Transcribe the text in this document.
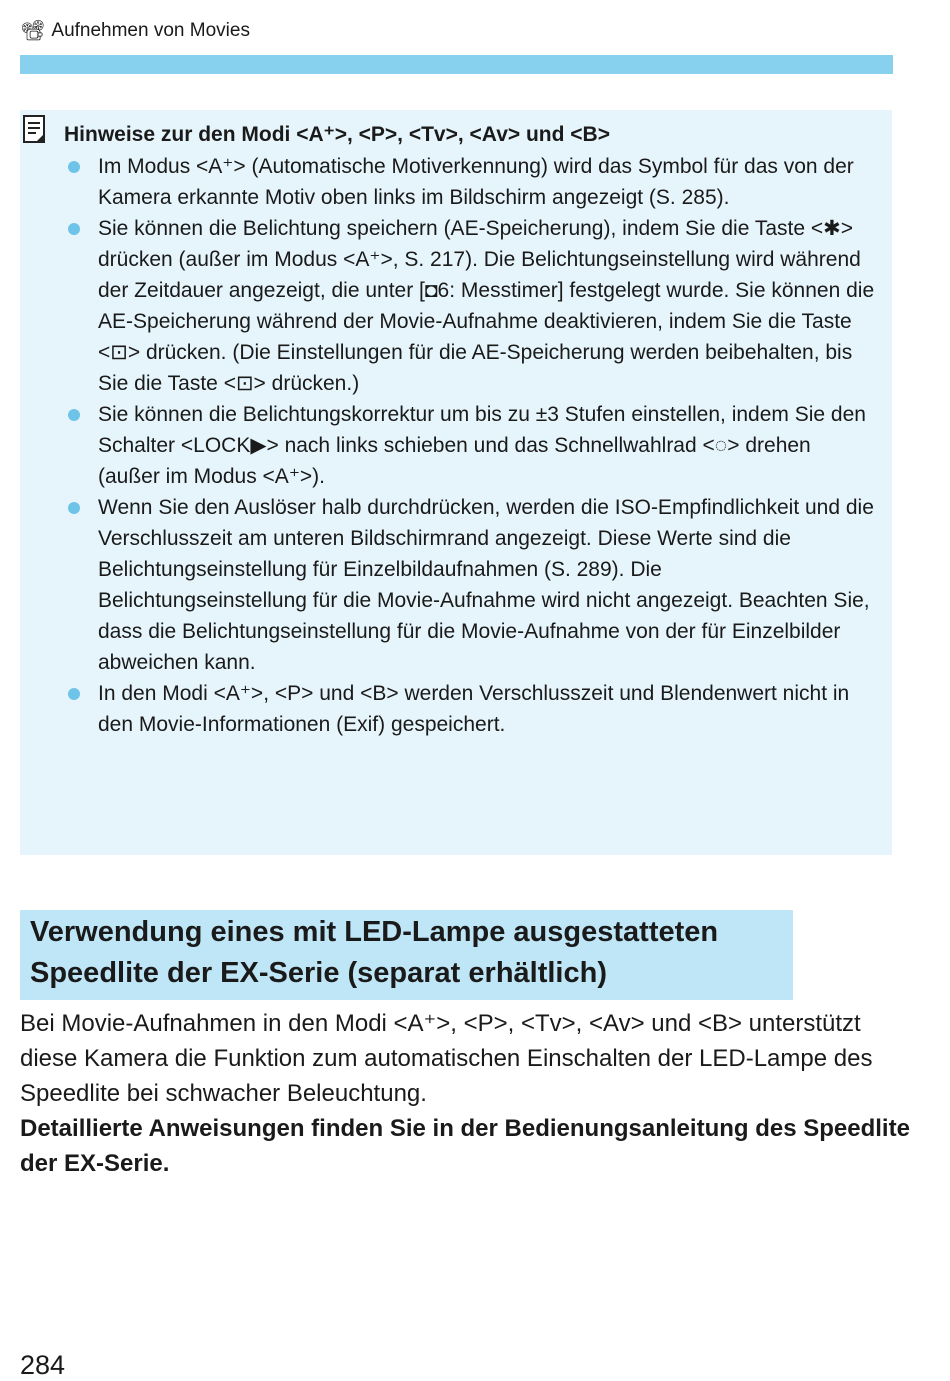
📽︎ Aufnehmen von Movies
Hinweise zur den Modi <A⁺>, <P>, <Tv>, <Av> und <B>
Im Modus <A⁺> (Automatische Motiverkennung) wird das Symbol für das von der Kamera erkannte Motiv oben links im Bildschirm angezeigt (S. 285).
Sie können die Belichtung speichern (AE-Speicherung), indem Sie die Taste <✱> drücken (außer im Modus <A⁺>, S. 217). Die Belichtungseinstellung wird während der Zeitdauer angezeigt, die unter [◘6: Messtimer] festgelegt wurde. Sie können die AE-Speicherung während der Movie-Aufnahme deaktivieren, indem Sie die Taste <⊡> drücken. (Die Einstellungen für die AE-Speicherung werden beibehalten, bis Sie die Taste <⊡> drücken.)
Sie können die Belichtungskorrektur um bis zu ±3 Stufen einstellen, indem Sie den Schalter <LOCK▶> nach links schieben und das Schnellwahlrad <◌> drehen (außer im Modus <A⁺>).
Wenn Sie den Auslöser halb durchdrücken, werden die ISO-Empfindlichkeit und die Verschlusszeit am unteren Bildschirmrand angezeigt. Diese Werte sind die Belichtungseinstellung für Einzelbildaufnahmen (S. 289). Die Belichtungseinstellung für die Movie-Aufnahme wird nicht angezeigt. Beachten Sie, dass die Belichtungseinstellung für die Movie-Aufnahme von der für Einzelbilder abweichen kann.
In den Modi <A⁺>, <P> und <B> werden Verschlusszeit und Blendenwert nicht in den Movie-Informationen (Exif) gespeichert.
Verwendung eines mit LED-Lampe ausgestatteten Speedlite der EX-Serie (separat erhältlich)

Bei Movie-Aufnahmen in den Modi <A⁺>, <P>, <Tv>, <Av> und <B> unterstützt diese Kamera die Funktion zum automatischen Einschalten der LED-Lampe des Speedlite bei schwacher Beleuchtung.

Detaillierte Anweisungen finden Sie in der Bedienungsanleitung des Speedlite der EX-Serie.

284
